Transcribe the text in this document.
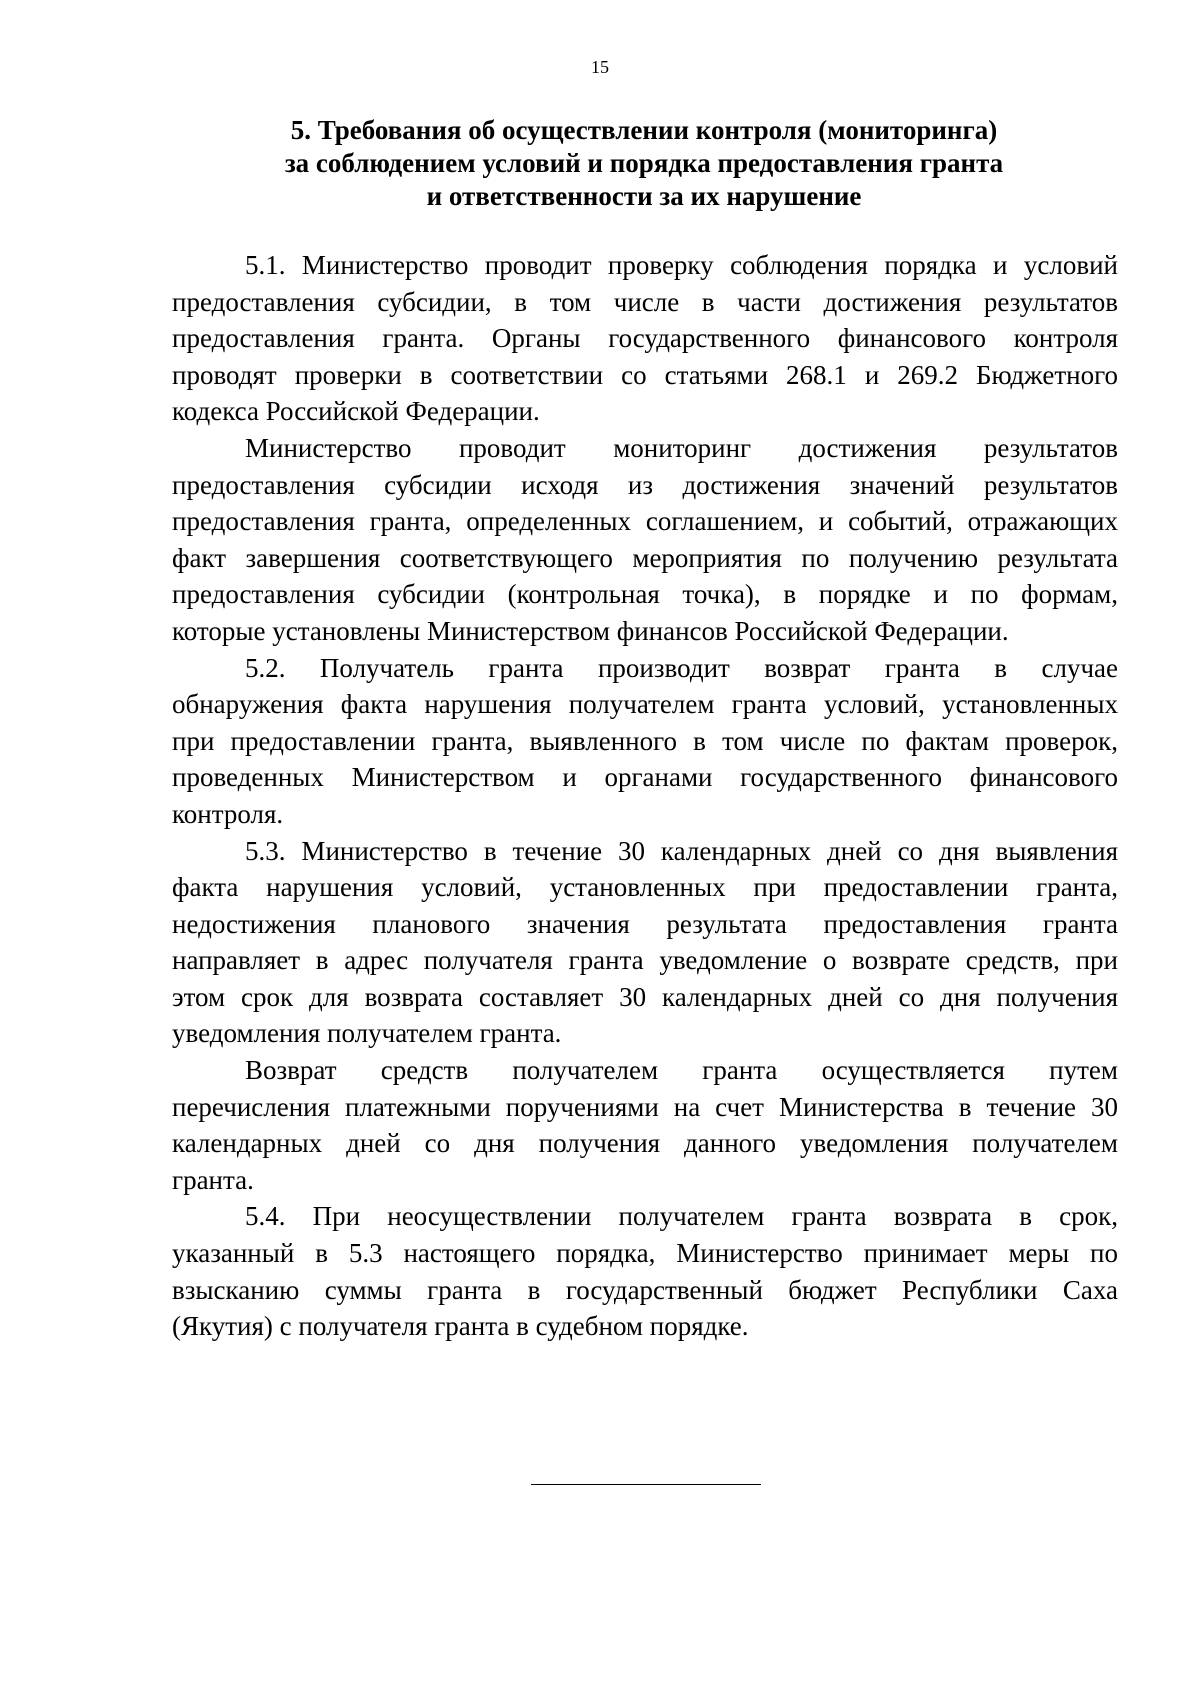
15
5. Требования об осуществлении контроля (мониторинга)
за соблюдением условий и порядка предоставления гранта
и ответственности за их нарушение
5.1. Министерство проводит проверку соблюдения порядка и условий
предоставления субсидии, в том числе в части достижения результатов
предоставления гранта. Органы государственного финансового контроля
проводят проверки в соответствии со статьями 268.1 и 269.2 Бюджетного
кодекса Российской Федерации.
Министерство проводит мониторинг достижения результатов
предоставления субсидии исходя из достижения значений результатов
предоставления гранта, определенных соглашением, и событий, отражающих
факт завершения соответствующего мероприятия по получению результата
предоставления субсидии (контрольная точка), в порядке и по формам,
которые установлены Министерством финансов Российской Федерации.
5.2. Получатель гранта производит возврат гранта в случае
обнаружения факта нарушения получателем гранта условий, установленных
при предоставлении гранта, выявленного в том числе по фактам проверок,
проведенных Министерством и органами государственного финансового
контроля.
5.3. Министерство в течение 30 календарных дней со дня выявления
факта нарушения условий, установленных при предоставлении гранта,
недостижения планового значения результата предоставления гранта
направляет в адрес получателя гранта уведомление о возврате средств, при
этом срок для возврата составляет 30 календарных дней со дня получения
уведомления получателем гранта.
Возврат средств получателем гранта осуществляется путем
перечисления платежными поручениями на счет Министерства в течение 30
календарных дней со дня получения данного уведомления получателем
гранта.
5.4. При неосуществлении получателем гранта возврата в срок,
указанный в 5.3 настоящего порядка, Министерство принимает меры по
взысканию суммы гранта в государственный бюджет Республики Саха
(Якутия) с получателя гранта в судебном порядке.
